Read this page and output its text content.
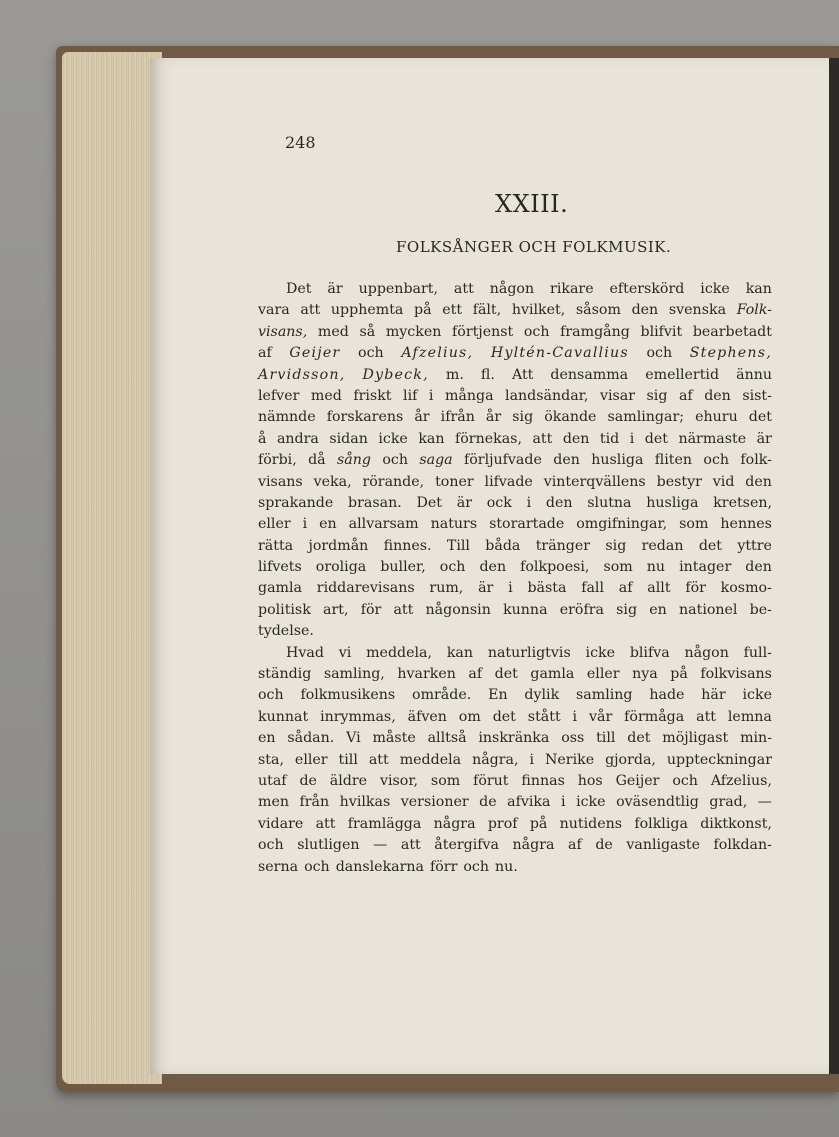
248
XXIII.
FOLKSÅNGER OCH FOLKMUSIK.
Det är uppenbart, att någon rikare efterskörd icke kan
vara att upphemta på ett fält, hvilket, såsom den svenska Folk-
visans, med så mycken förtjenst och framgång blifvit bearbetadt
af Geijer och Afzelius, Hyltén-Cavallius och Stephens,
Arvidsson, Dybeck, m. fl. Att densamma emellertid ännu
lefver med friskt lif i många landsändar, visar sig af den sist-
nämnde forskarens år ifrån år sig ökande samlingar; ehuru det
å andra sidan icke kan förnekas, att den tid i det närmaste är
förbi, då sång och saga förljufvade den husliga fliten och folk-
visans veka, rörande, toner lifvade vinterqvällens bestyr vid den
sprakande brasan. Det är ock i den slutna husliga kretsen,
eller i en allvarsam naturs storartade omgifningar, som hennes
rätta jordmån finnes. Till båda tränger sig redan det yttre
lifvets oroliga buller, och den folkpoesi, som nu intager den
gamla riddarevisans rum, är i bästa fall af allt för kosmo-
politisk art, för att någonsin kunna eröfra sig en nationel be-
tydelse.
Hvad vi meddela, kan naturligtvis icke blifva någon full-
ständig samling, hvarken af det gamla eller nya på folkvisans
och folkmusikens område. En dylik samling hade här icke
kunnat inrymmas, äfven om det stått i vår förmåga att lemna
en sådan. Vi måste alltså inskränka oss till det möjligast min-
sta, eller till att meddela några, i Nerike gjorda, uppteckningar
utaf de äldre visor, som förut finnas hos Geijer och Afzelius,
men från hvilkas versioner de afvika i icke oväsendtlig grad, —
vidare att framlägga några prof på nutidens folkliga diktkonst,
och slutligen — att återgifva några af de vanligaste folkdan-
serna och danslekarna förr och nu.
